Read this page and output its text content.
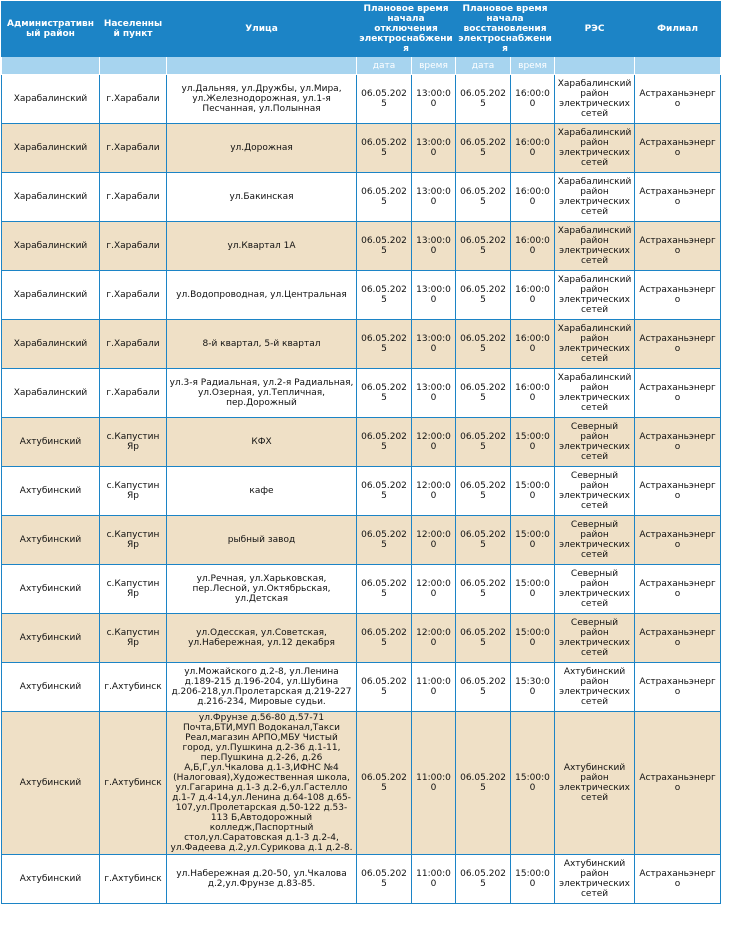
Административный район	Населенный пункт	Улица	Плановое время начала отключения электроснабжения		Плановое время начала восстановления электроснабжения		РЭС	Филиал
			дата	время	дата	время		
Харабалинский	г.Харабали	ул.Дальняя, ул.Дружбы, ул.Мира, ул.Железнодорожная, ул.1-я Песчанная, ул.Полынная	06.05.2025	13:00:00	06.05.2025	16:00:00	Харабалинский район электрических сетей	Астраханьэнерго
Харабалинский	г.Харабали	ул.Дорожная	06.05.2025	13:00:00	06.05.2025	16:00:00	Харабалинский район электрических сетей	Астраханьэнерго
Харабалинский	г.Харабали	ул.Бакинская	06.05.2025	13:00:00	06.05.2025	16:00:00	Харабалинский район электрических сетей	Астраханьэнерго
Харабалинский	г.Харабали	ул.Квартал 1А	06.05.2025	13:00:00	06.05.2025	16:00:00	Харабалинский район электрических сетей	Астраханьэнерго
Харабалинский	г.Харабали	ул.Водопроводная, ул.Центральная	06.05.2025	13:00:00	06.05.2025	16:00:00	Харабалинский район электрических сетей	Астраханьэнерго
Харабалинский	г.Харабали	8-й квартал, 5-й квартал	06.05.2025	13:00:00	06.05.2025	16:00:00	Харабалинский район электрических сетей	Астраханьэнерго
Харабалинский	г.Харабали	ул.3-я Радиальная, ул.2-я Радиальная, ул.Озерная, ул.Тепличная, пер.Дорожный	06.05.2025	13:00:00	06.05.2025	16:00:00	Харабалинский район электрических сетей	Астраханьэнерго
Ахтубинский	с.Капустин Яр	КФХ	06.05.2025	12:00:00	06.05.2025	15:00:00	Северный район электрических сетей	Астраханьэнерго
Ахтубинский	с.Капустин Яр	кафе	06.05.2025	12:00:00	06.05.2025	15:00:00	Северный район электрических сетей	Астраханьэнерго
Ахтубинский	с.Капустин Яр	рыбный завод	06.05.2025	12:00:00	06.05.2025	15:00:00	Северный район электрических сетей	Астраханьэнерго
Ахтубинский	с.Капустин Яр	ул.Речная, ул.Харьковская, пер.Лесной, ул.Октябрьская, ул.Детская	06.05.2025	12:00:00	06.05.2025	15:00:00	Северный район электрических сетей	Астраханьэнерго
Ахтубинский	с.Капустин Яр	ул.Одесская, ул.Советская, ул.Набережная, ул.12 декабря	06.05.2025	12:00:00	06.05.2025	15:00:00	Северный район электрических сетей	Астраханьэнерго
Ахтубинский	г.Ахтубинск	ул.Можайского д.2-8, ул.Ленина д.189-215 д.196-204, ул.Шубина д.206-218,ул.Пролетарская д.219-227 д.216-234, Мировые судьи.	06.05.2025	11:00:00	06.05.2025	15:30:00	Ахтубинский район электрических сетей	Астраханьэнерго
Ахтубинский	г.Ахтубинск	ул.Фрунзе д.56-80 д.57-71 Почта,БТИ,МУП Водоканал,Такси Реал,магазин АРПО,МБУ Чистый город, ул.Пушкина д.2-36 д.1-11, пер.Пушкина д.2-26, д.26 А,Б,Г,ул.Чкалова д.1-3,ИФНС №4 (Налоговая),Художественная школа, ул.Гагарина д.1-3 д.2-6,ул.Гастелло д.1-7 д.4-14,ул.Ленина д.64-108 д.65-107,ул.Пролетарская д.50-122 д.53-113 Б,Автодорожный колледж,Паспортный стол,ул.Саратовская д.1-3 д.2-4, ул.Фадеева д.2,ул.Сурикова д.1 д.2-8.	06.05.2025	11:00:00	06.05.2025	15:00:00	Ахтубинский район электрических сетей	Астраханьэнерго
Ахтубинский	г.Ахтубинск	ул.Набережная д.20-50, ул.Чкалова д.2,ул.Фрунзе д.83-85.	06.05.2025	11:00:00	06.05.2025	15:00:00	Ахтубинский район электрических сетей	Астраханьэнерго
